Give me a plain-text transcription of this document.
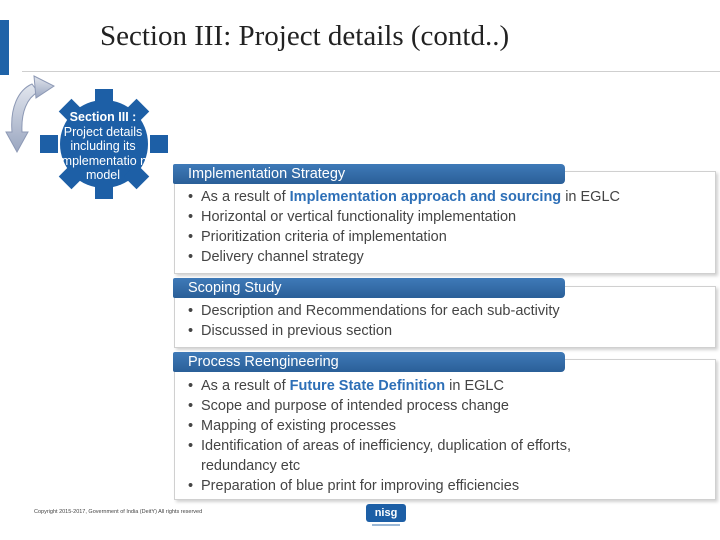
Section III: Project details (contd..)
Section III :
Project details including its implementatio n model	Implementation Strategy
• As a result of Implementation approach and sourcing in EGLC
• Horizontal or vertical functionality implementation
• Prioritization criteria of implementation
• Delivery channel strategy
Scoping Study
• Description and Recommendations for each sub-activity
• Discussed in previous section
Process Reengineering
• As a result of Future State Definition in EGLC
• Scope and purpose of intended process change
• Mapping of existing processes
• Identification of areas of inefficiency, duplication of efforts, redundancy etc
• Preparation of blue print for improving efficiencies
Copyright 2015-2017, Government of India (DeitY) All rights reserved	nisg
